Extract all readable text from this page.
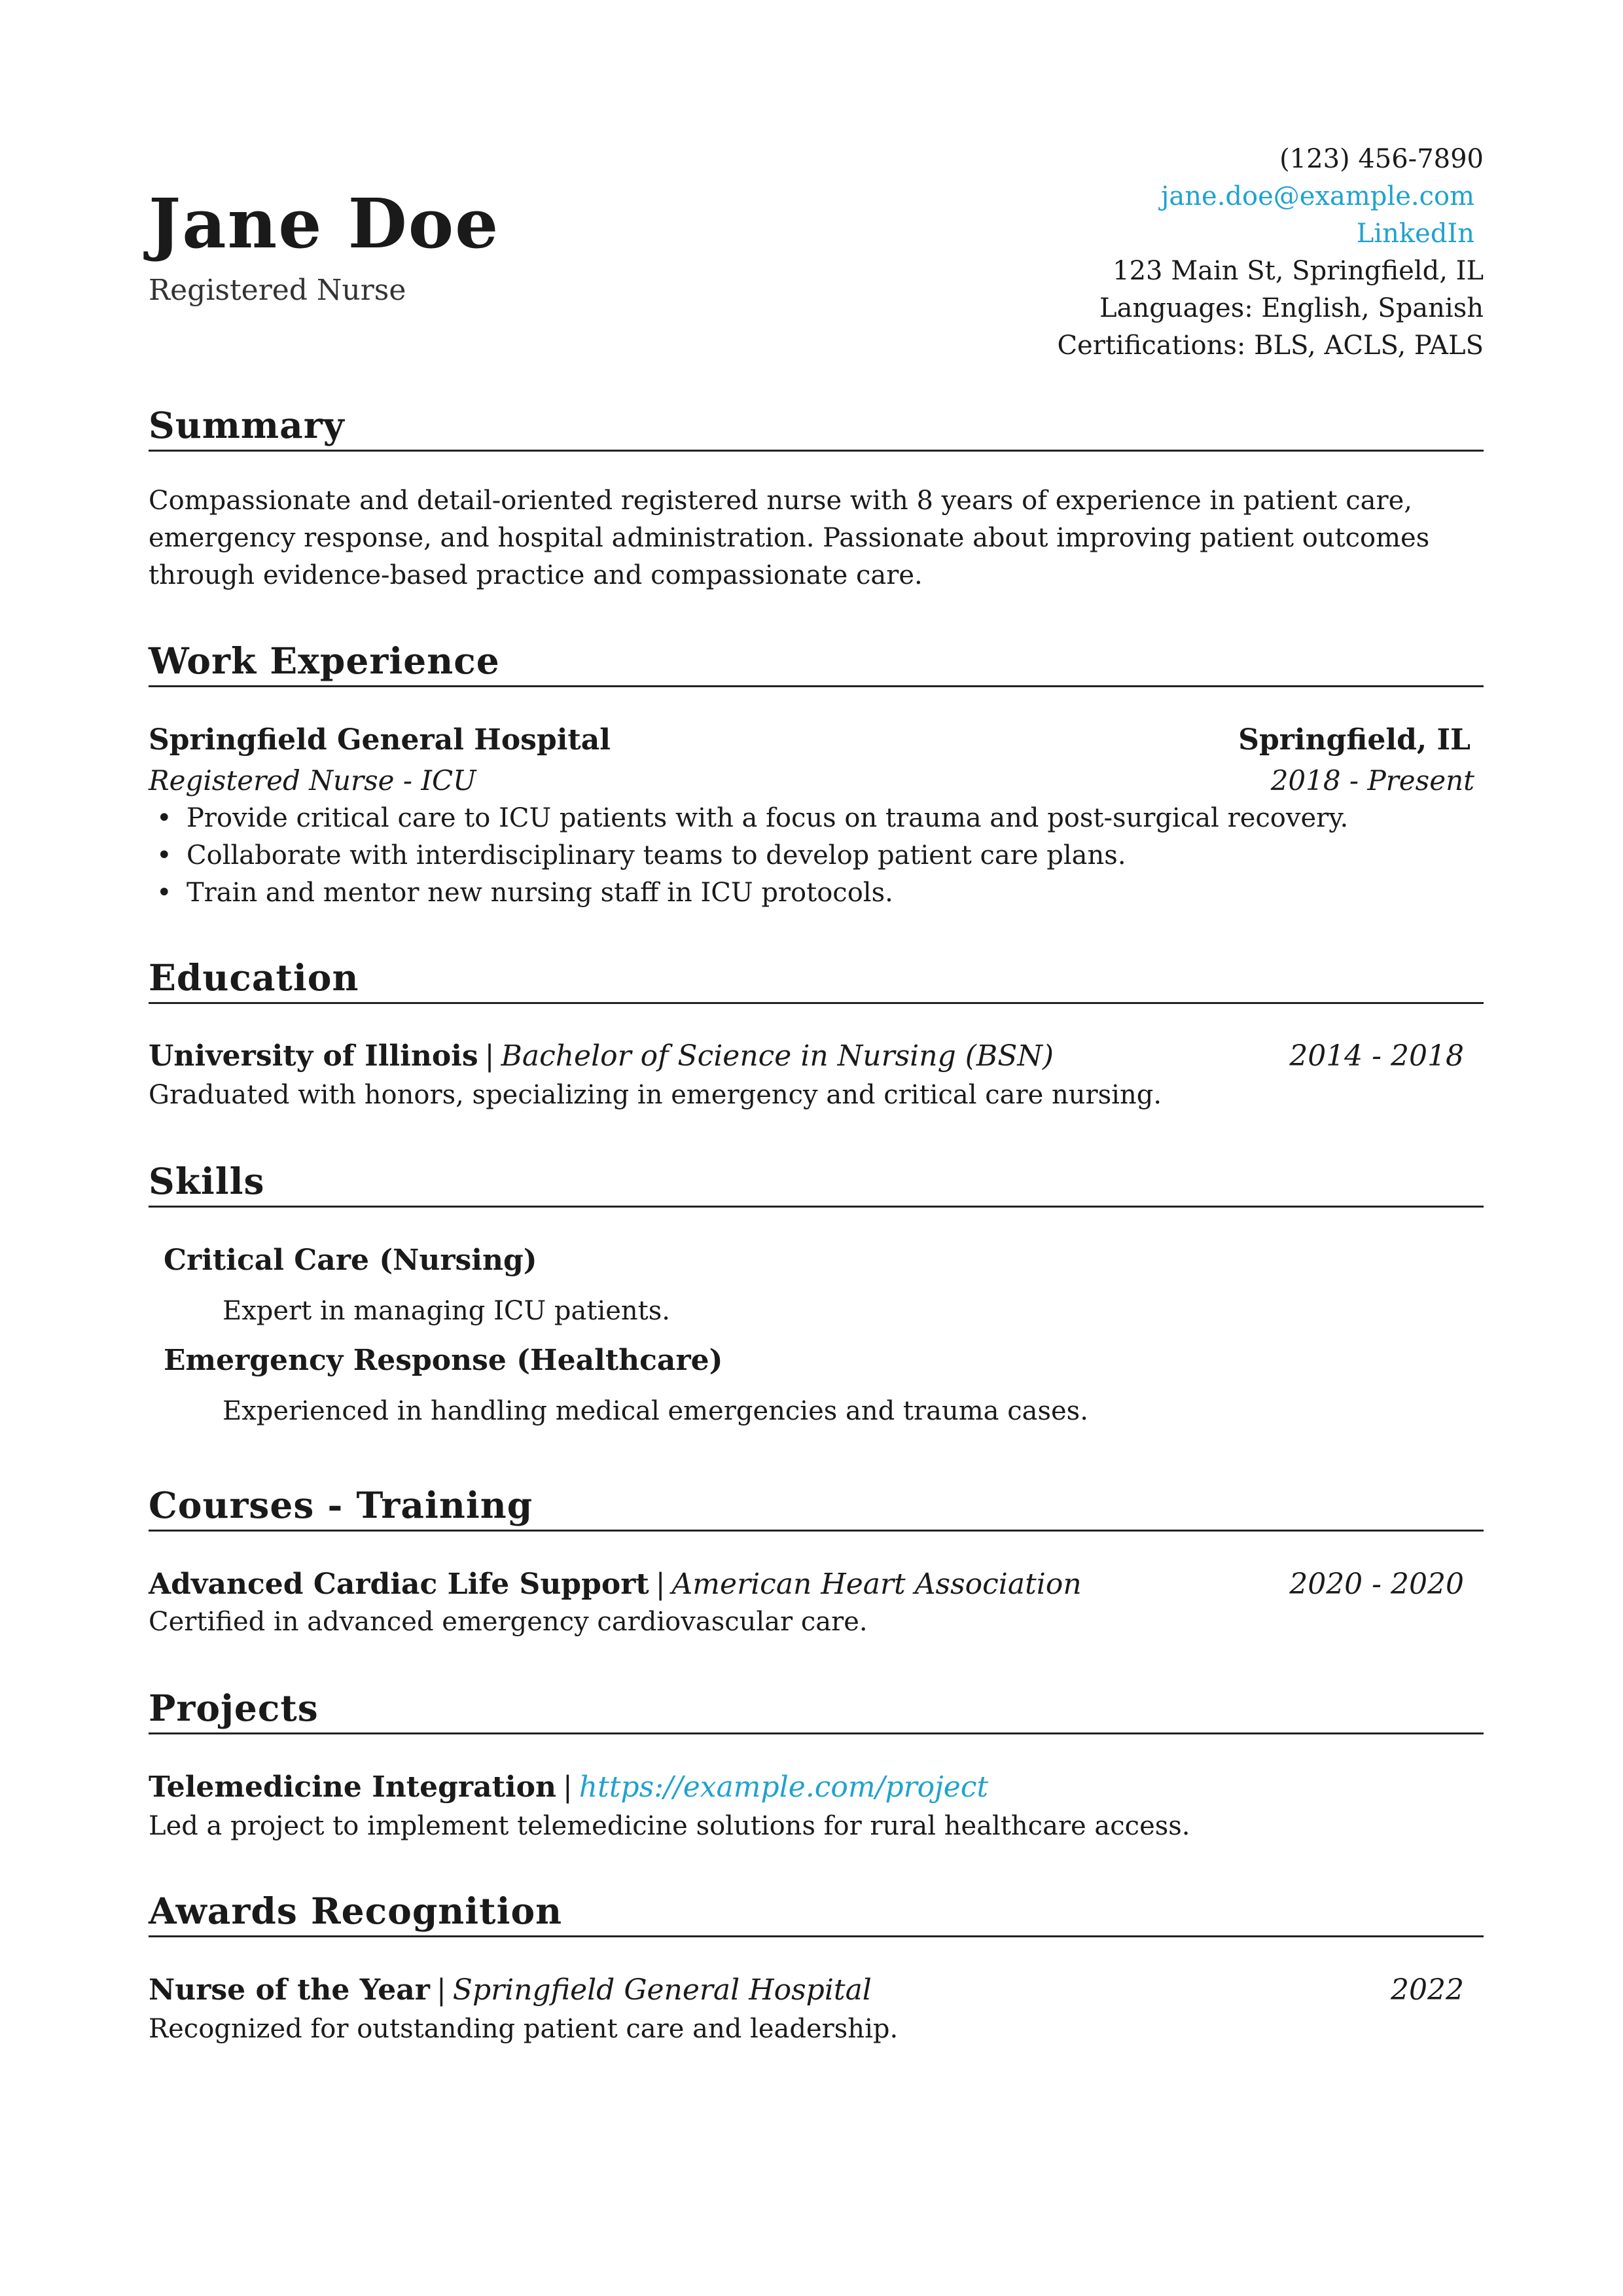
Jane Doe
Registered Nurse
(123) 456-7890
jane.doe@example.com
LinkedIn
123 Main St, Springfield, IL
Languages: English, Spanish
Certifications: BLS, ACLS, PALS
Summary
Compassionate and detail-oriented registered nurse with 8 years of experience in patient care, emergency response, and hospital administration. Passionate about improving patient outcomes through evidence-based practice and compassionate care.
Work Experience
Springfield General Hospital	Springfield, IL
Registered Nurse - ICU	2018 - Present
• Provide critical care to ICU patients with a focus on trauma and post-surgical recovery.
• Collaborate with interdisciplinary teams to develop patient care plans.
• Train and mentor new nursing staff in ICU protocols.
Education
University of Illinois | Bachelor of Science in Nursing (BSN)	2014 - 2018
Graduated with honors, specializing in emergency and critical care nursing.
Skills
Critical Care (Nursing)
Expert in managing ICU patients.
Emergency Response (Healthcare)
Experienced in handling medical emergencies and trauma cases.
Courses - Training
Advanced Cardiac Life Support | American Heart Association	2020 - 2020
Certified in advanced emergency cardiovascular care.
Projects
Telemedicine Integration | https://example.com/project
Led a project to implement telemedicine solutions for rural healthcare access.
Awards Recognition
Nurse of the Year | Springfield General Hospital	2022
Recognized for outstanding patient care and leadership.
